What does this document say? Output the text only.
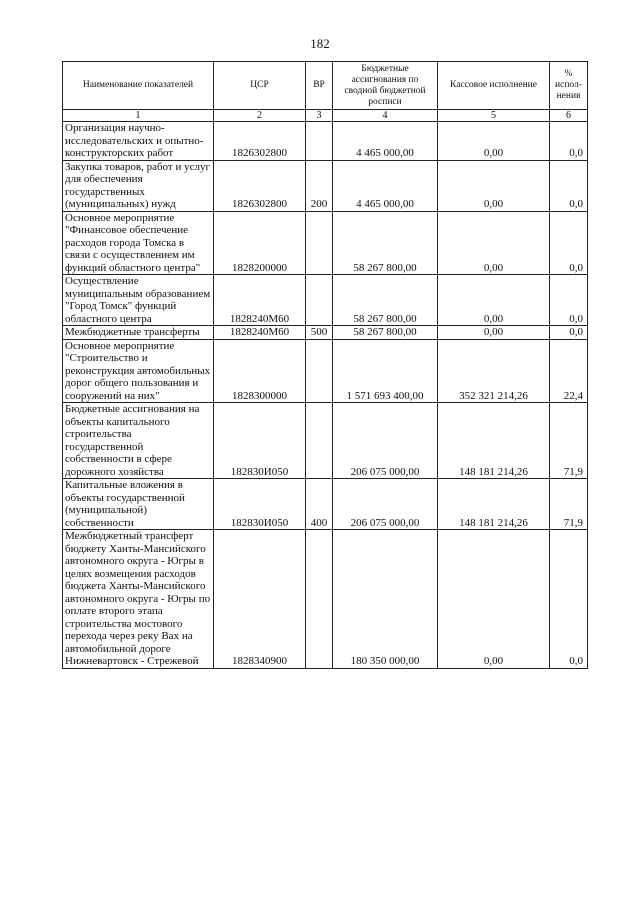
182
Наименование показателей	ЦСР	ВР	Бюджетные ассигнования по сводной бюджетной росписи	Кассовое исполнение	% испол-нения
1	2	3	4	5	6
Организация научно-исследовательских и опытно-конструкторских работ	1826302800		4 465 000,00	0,00	0,0
Закупка товаров, работ и услуг для обеспечения государственных (муниципальных) нужд	1826302800	200	4 465 000,00	0,00	0,0
Основное мероприятие "Финансовое обеспечение расходов города Томска в связи с осуществлением им функций областного центра"	1828200000		58 267 800,00	0,00	0,0
Осуществление муниципальным образованием "Город Томск" функций областного центра	1828240М60		58 267 800,00	0,00	0,0
Межбюджетные трансферты	1828240М60	500	58 267 800,00	0,00	0,0
Основное мероприятие "Строительство и реконструкция автомобильных дорог общего пользования и сооружений на них"	1828300000		1 571 693 400,00	352 321 214,26	22,4
Бюджетные ассигнования на объекты капитального строительства государственной собственности в сфере дорожного хозяйства	182830И050		206 075 000,00	148 181 214,26	71,9
Капитальные вложения в объекты государственной (муниципальной) собственности	182830И050	400	206 075 000,00	148 181 214,26	71,9
Межбюджетный трансферт бюджету Ханты-Мансийского автономного округа - Югры в целях возмещения расходов бюджета Ханты-Мансийского автономного округа - Югры по оплате второго этапа строительства мостового перехода через реку Вах на автомобильной дороге Нижневартовск - Стрежевой	1828340900		180 350 000,00	0,00	0,0
